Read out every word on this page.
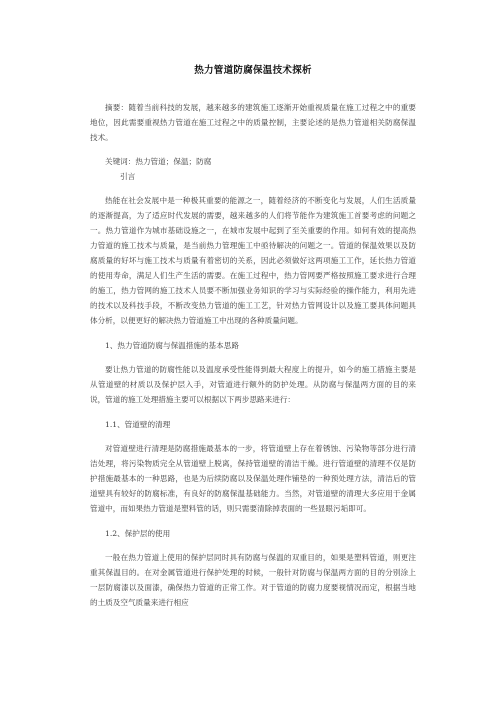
热力管道防腐保温技术探析

摘要：随着当前科技的发展，越来越多的建筑施工逐渐开始重视质量在施工过程之中的重要地位，因此需要重视热力管道在施工过程之中的质量控制，主要论述的是热力管道相关防腐保温技术。

关键词：热力管道；保温；防腐

引言

热能在社会发展中是一种极其重要的能源之一，随着经济的不断变化与发展，人们生活质量的逐渐提高，为了适应时代发展的需要，越来越多的人们将节能作为建筑施工首要考虑的问题之一。热力管道作为城市基础设施之一，在城市发展中起到了至关重要的作用。如何有效的提高热力管道的施工技术与质量，是当前热力管理施工中亟待解决的问题之一。管道的保温效果以及防腐质量的好坏与施工技术与质量有着密切的关系，因此必须做好这两项施工工作，延长热力管道的使用寿命，满足人们生产生活的需要。在施工过程中，热力管网要严格按照施工要求进行合理的施工，热力管网的施工技术人员要不断加强业务知识的学习与实际经验的操作能力，利用先进的技术以及科技手段，不断改变热力管道的施工工艺，针对热力管网设计以及施工要具体问题具体分析，以便更好的解决热力管道施工中出现的各种质量问题。

1、热力管道防腐与保温措施的基本思路

要让热力管道的防腐性能以及温度承受性能得到最大程度上的提升，如今的施工措施主要是从管道壁的材质以及保护层入手，对管道进行额外的防护处理。从防腐与保温两方面的目的来说，管道的施工处理措施主要可以根据以下两步思路来进行：

1.1、管道壁的清理

对管道壁进行清理是防腐措施最基本的一步，将管道壁上存在着锈蚀、污染物等部分进行清洁处理，将污染物质完全从管道壁上脱离，保持管道壁的清洁干燥。进行管道壁的清理不仅是防护措施最基本的一种思路，也是为后续防腐以及保温处理作铺垫的一种预处理方法，清洁后的管道壁具有较好的防腐标准，有良好的防腐保温基础能力。当然，对管道壁的清理大多应用于金属管道中，而如果热力管道是塑料管的话，则只需要清除掉表面的一些显眼污垢即可。

1.2、保护层的使用

一般在热力管道上使用的保护层同时具有防腐与保温的双重目的，如果是塑料管道，则更注重其保温目的。在对金属管道进行保护处理的时候，一般针对防腐与保温两方面的目的分别涂上一层防腐漆以及面漆，确保热力管道的正常工作。对于管道的防腐力度要视情况而定，根据当地的土质及空气质量来进行相应
